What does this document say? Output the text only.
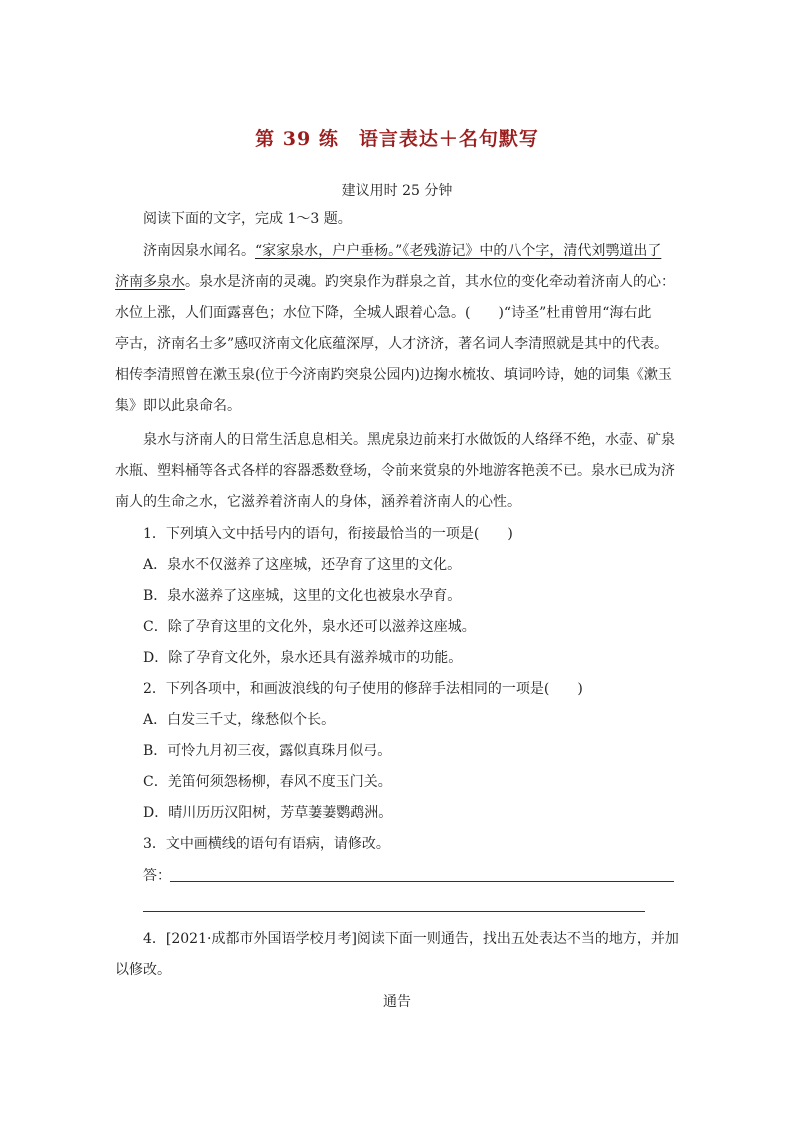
第 39 练　语言表达＋名句默写
建议用时 25 分钟
阅读下面的文字，完成 1～3 题。
济南因泉水闻名。“家家泉水，户户垂杨。”《老残游记》中的八个字，清代刘鹗道出了
济南多泉水。泉水是济南的灵魂。趵突泉作为群泉之首，其水位的变化牵动着济南人的心：
水位上涨，人们面露喜色；水位下降，全城人跟着心急。(　　)“诗圣”杜甫曾用“海右此
亭古，济南名士多”感叹济南文化底蕴深厚，人才济济，著名词人李清照就是其中的代表。
相传李清照曾在漱玉泉(位于今济南趵突泉公园内)边掬水梳妆、填词吟诗，她的词集《漱玉
集》即以此泉命名。
泉水与济南人的日常生活息息相关。黑虎泉边前来打水做饭的人络绎不绝，水壶、矿泉
水瓶、塑料桶等各式各样的容器悉数登场，令前来赏泉的外地游客艳羡不已。泉水已成为济
南人的生命之水，它滋养着济南人的身体，涵养着济南人的心性。
1．下列填入文中括号内的语句，衔接最恰当的一项是(　　)
A．泉水不仅滋养了这座城，还孕育了这里的文化。
B．泉水滋养了这座城，这里的文化也被泉水孕育。
C．除了孕育这里的文化外，泉水还可以滋养这座城。
D．除了孕育文化外，泉水还具有滋养城市的功能。
2．下列各项中，和画波浪线的句子使用的修辞手法相同的一项是(　　)
A．白发三千丈，缘愁似个长。
B．可怜九月初三夜，露似真珠月似弓。
C．羌笛何须怨杨柳，春风不度玉门关。
D．晴川历历汉阳树，芳草萋萋鹦鹉洲。
3．文中画横线的语句有语病，请修改。
答：
4．[2021·成都市外国语学校月考]阅读下面一则通告，找出五处表达不当的地方，并加
以修改。
通告
